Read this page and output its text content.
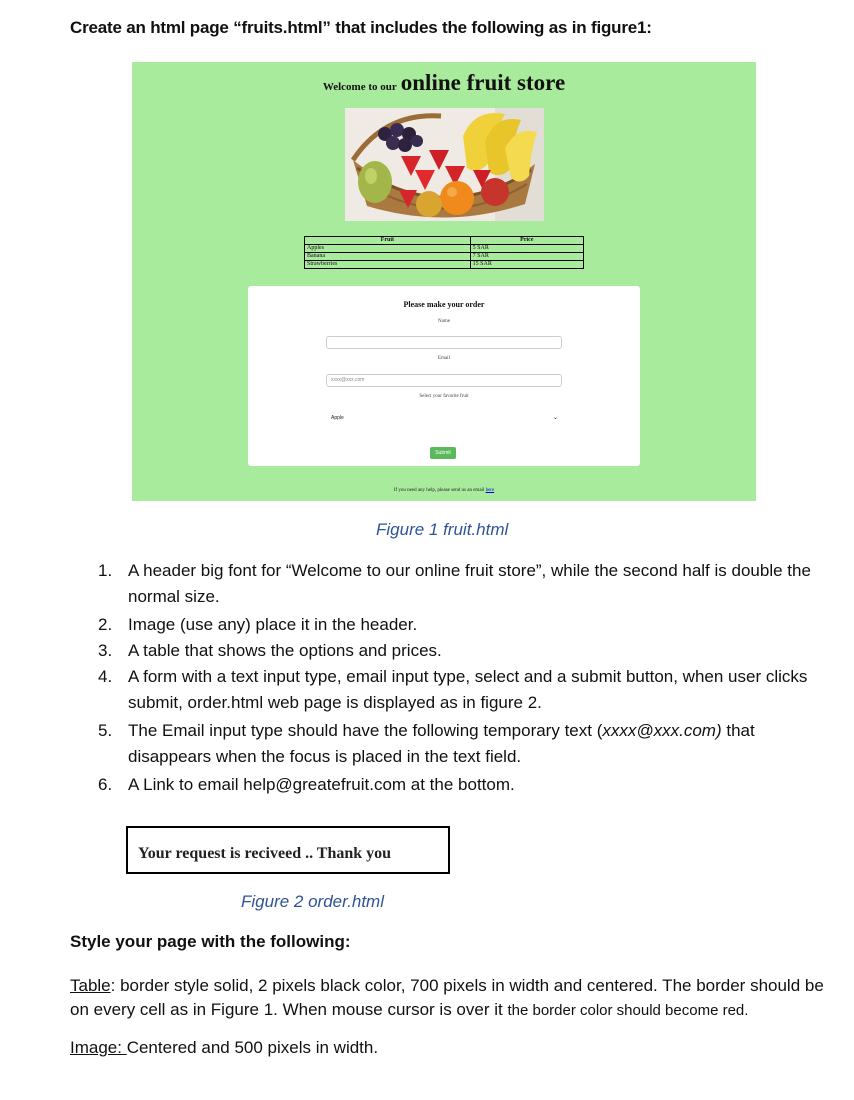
Create an html page “fruits.html” that includes the following as in figure1:
Welcome to our online fruit store
Fruit	Price
Apples	5 SAR
Banana	7 SAR
Strawberries	15 SAR
Please make your order
Name
Email
xxxx@xxx.com
Select your favorite fruit
Apple	⌄
Submit
If you need any help, please send us an email here
Figure 1 fruit.html
1. A header big font for “Welcome to our online fruit store”, while the second half is double the normal size.
2. Image (use any) place it in the header.
3. A table that shows the options and prices.
4. A form with a text input type, email input type, select and a submit button, when user clicks submit, order.html web page is displayed as in figure 2.
5. The Email input type should have the following temporary text (xxxx@xxx.com) that disappears when the focus is placed in the text field.
6. A Link to email help@greatefruit.com at the bottom.
Your request is reciveed .. Thank you
Figure 2 order.html
Style your page with the following:
Table: border style solid, 2 pixels black color, 700 pixels in width and centered. The border should be on every cell as in Figure 1. When mouse cursor is over it the border color should become red.
Image: Centered and 500 pixels in width.
